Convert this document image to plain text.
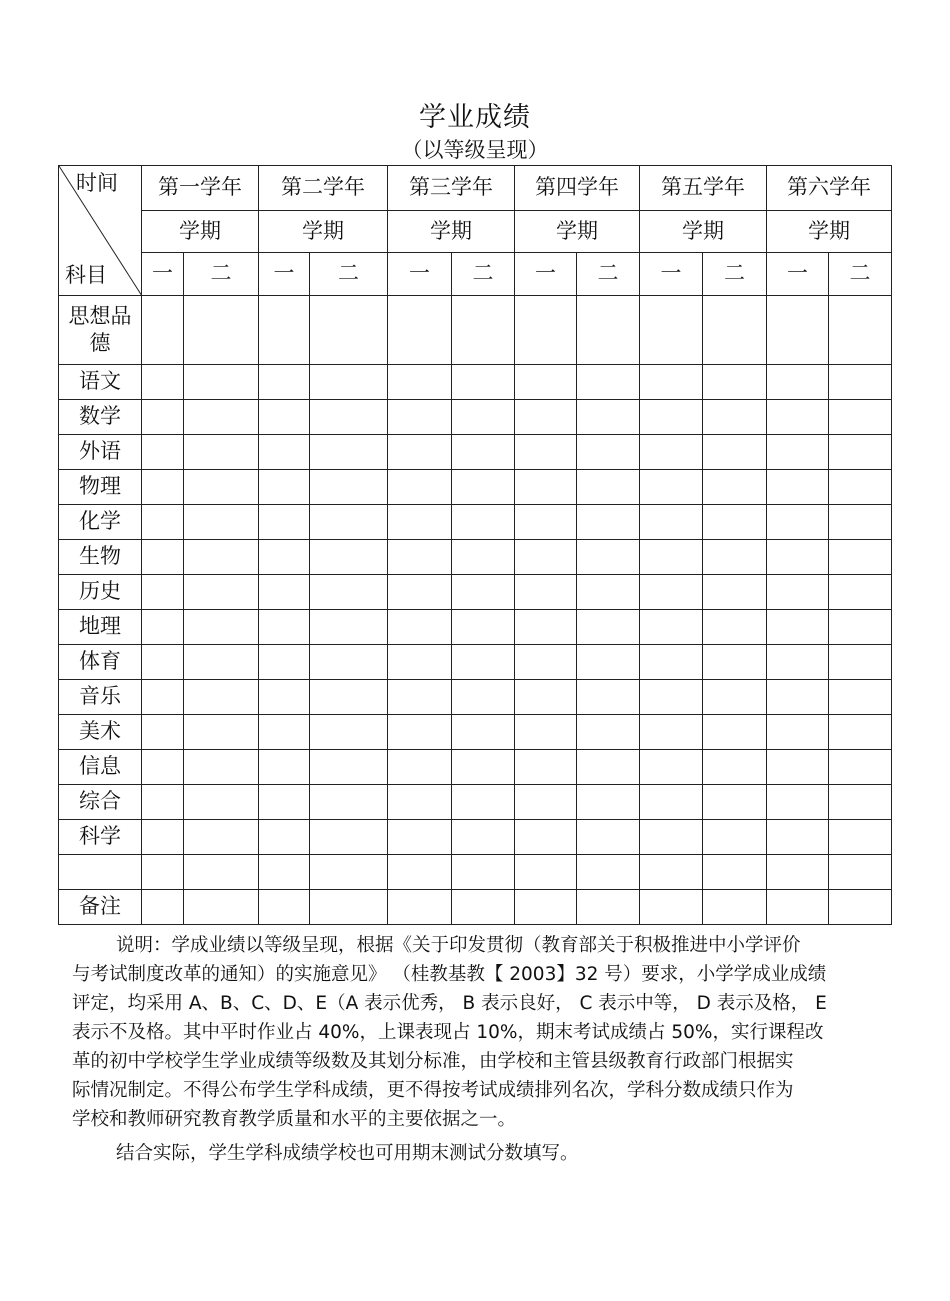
学业成绩
（以等级呈现）
时间
科目	第一学年		第二学年		第三学年		第四学年		第五学年		第六学年	
	学期		学期		学期		学期		学期		学期	
	一	二	一	二	一	二	一	二	一	二	一	二
思想品德												
语文												
数学												
外语												
物理												
化学												
生物												
历史												
地理												
体育												
音乐												
美术												
信息												
综合												
科学												

备注												

说明：学成业绩以等级呈现，根据《关于印发贯彻（教育部关于积极推进中小学评价

与考试制度改革的通知）的实施意见》 （桂教基教【 2003】32 号）要求，小学学成业成绩

评定，均采用 A、B、C、D、E（A 表示优秀， B 表示良好， C 表示中等， D 表示及格， E

表示不及格。其中平时作业占 40%，上课表现占 10%，期末考试成绩占 50%，实行课程改

革的初中学校学生学业成绩等级数及其划分标准，由学校和主管县级教育行政部门根据实

际情况制定。不得公布学生学科成绩，更不得按考试成绩排列名次，学科分数成绩只作为

学校和教师研究教育教学质量和水平的主要依据之一。

结合实际，学生学科成绩学校也可用期末测试分数填写。
